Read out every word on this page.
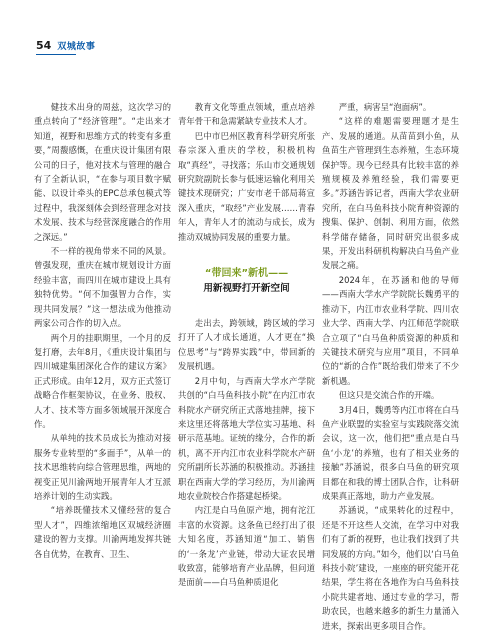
54 双城故事

健技术出身的周兹，这次学习的重点转向了“经济管理”。“走出来才知道，视野和思维方式的转变有多重要，”周馥感慨，在重庆设计集团有限公司的日子，他对技术与管理的融合有了全新认识，“在参与项目数字赋能、以设计牵头的EPC总承包模式等过程中，我深刻体会到经营理念对技术发展、技术与经营深度融合的作用之深远。”

不一样的视角带来不同的风景。曾强发现，重庆在城市规划设计方面经验丰富，而四川在城市建设上具有独特优势。“何不加强智力合作，实现共同发展？”这一想法成为他推动两家公司合作的切入点。

两个月的挂职期里，一个月的反复打磨，去年8月，《重庆设计集团与四川城建集团深化合作的建议方案》正式形成。由年12月，双方正式签订战略合作框架协议，在业务、股权、人才、技术等方面多领域展开深度合作。

从单纯的技术员成长为推动对接服务专业转型的“多面手”，从单一的技术思维转向综合管理思维，两地的视变正见川渝两地开展青年人才互派培养计划的生动实践。

“培养既懂技术又懂经营的复合型人才”，四维浓缩地区双城经济圈建设的智力支撑。川渝两地发挥共链各自优势，在教育、卫生、

教育文化等重点领域，重点培养青年骨干和急需紧缺专业技术人才。

巴中市巴州区教育科学研究所张春宗深入重庆的学校，积极机构取“真经”，寻找落；乐山市交通规划研究院副院长参与低速运输化利用关键技术现研究；广安市老千部局蒋宣深入重庆，“取经”产业发展……青春年人，青年人才的流动与成长，成为推动双城协同发展的重要力量。

“带回来”新机——
用新视野打开新空间

走出去，跨领域，跨区域的学习打开了人才成长通道，人才更在“换位思考”与“跨界实践”中，带回新的发展机遇。

2月中旬，与西南大学水产学院共创的“白马鱼科技小院”在内江市农科院水产研究所正式落地挂牌，接下来这里还将落地大学位实习基地、科研示范基地。证统的缘分，合作的新机，离不开内江市农业科学院水产研究所副所长苏涵的积极推动。苏涵挂职在西南大学的学习经历，为川渝两地农业院校合作搭建起桥梁。

内江是白马鱼原产地，拥有沱江丰富的水资源。这条鱼已经打出了很大知名度，苏涵知道“加工、销售的‘一条龙’产业链，带动大证农民增收致富，能够培育产业品牌，但问道是面前——白马鱼种质退化

严重，病害呈“泡面病”。

“这样的难题需要理题才是生产、发展的通道。从苗苗到小鱼，从鱼苗生产管理到生态养殖，生态环境保护等。现今已经具有比较丰富的养殖规模及养殖经验，我们需要更多。”苏涵告诉记者，西南大学农业研究所，在白马鱼科技小院育种资源的搜集、保护、创制、利用方面，依然科学储存储备，同时研究出很多成果，开发出科研机构解决白马鱼产业发展之痛。

2024年，在苏涵和他的导师——西南大学水产学院院长魏勇平的推动下，内江市农业科学院、四川农业大学、西南大学、内江师范学院联合立项了“白马鱼种质资源的种质和关键技术研究与应用”项目，不同单位的“新的合作”既给我们带来了不少新机遇。

但这只是交流合作的开端。

3月4日，魏勇等内江市将在白马鱼产业联盟的实验室与实践院落交流会议，这一次，他们把“重点是白马鱼‘小龙’的养殖，也有了相关业务的接触”苏涵说，很多白马鱼的研究项目都在和我的博士团队合作，让科研成果真正落地，助力产业发展。

苏涵说，“成果转化的过程中，还是不开这些人交流，在学习中对我们有了新的视野，也让我们找到了共同发展的方向。”如今，他们以‘白马鱼科技小院’建设，一座座的研究能开花结果，学生将在各地作为白马鱼科技小院共建者地、通过专业的学习，帮助农民，也越来越多的新生力量涌入进来，探索出更多项目合作。
